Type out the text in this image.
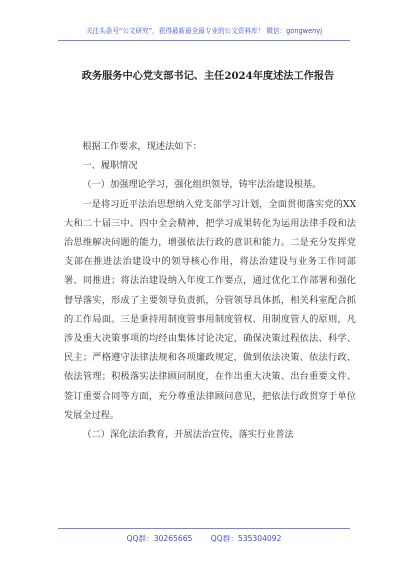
关注头条号“公文研究”，获得最新最全最专业的公文资料库！ 微信：gongwenyj
政务服务中心党支部书记、主任2024年度述法工作报告

根据工作要求，现述法如下：

一、履职情况

（一）加强理论学习，强化组织领导，铸牢法治建设根基。

一是将习近平法治思想纳入党支部学习计划，全面贯彻落实党的XX大和二十届三中、四中全会精神，把学习成果转化为运用法律手段和法治思维解决问题的能力，增强依法行政的意识和能力。二是充分发挥党支部在推进法治建设中的领导核心作用，将法治建设与业务工作同部署、同推进；将法治建设纳入年度工作要点，通过优化工作部署和强化督导落实，形成了主要领导负责抓，分管领导具体抓，相关科室配合抓的工作局面。三是秉持用制度管事用制度管权、用制度管人的原则，凡涉及重大决策事项的均经由集体讨论决定，确保决策过程依法、科学、民主；严格遵守法律法规和各项廉政规定，做到依法决策、依法行政、依法管理；积极落实法律顾问制度，在作出重大决策、出台重要文件、签订重要合同等方面，充分尊重法律顾问意见，把依法行政贯穿于单位发展全过程。

（二）深化法治教育，开展法治宣传，落实行业普法

QQ群：30265665 QQ群：535304092
